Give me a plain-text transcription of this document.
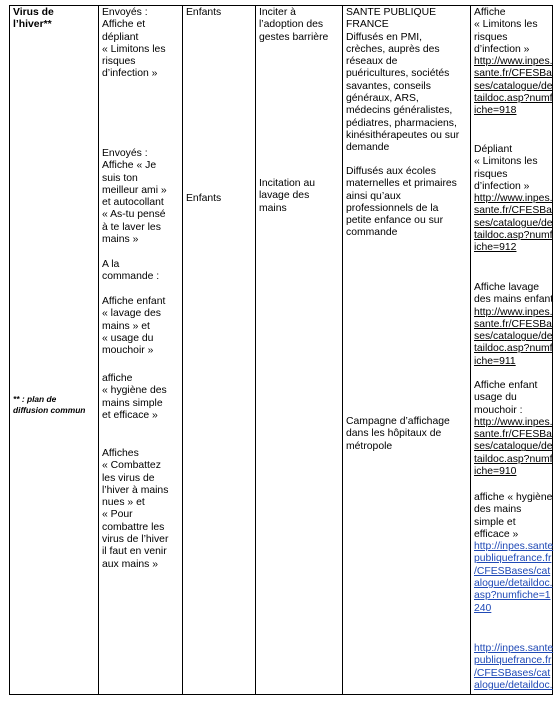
Virus de
l’hiver**

** : plan de
diffusion commun

Envoyés :
Affiche et
dépliant
« Limitons les
risques
d’infection »

Envoyés :
Affiche « Je
suis ton
meilleur ami »
et autocollant
« As-tu pensé
à te laver les
mains »

A la
commande :

Affiche enfant
« lavage des
mains » et
« usage du
mouchoir »

affiche
« hygiène des
mains simple
et efficace »

Affiches
« Combattez
les virus de
l’hiver à mains
nues » et
« Pour
combattre les
virus de l’hiver
il faut en venir
aux mains »

Enfants

Enfants

Inciter à
l’adoption des
gestes barrière

Incitation au
lavage des
mains

SANTE PUBLIQUE
FRANCE
Diffusés en PMI,
crèches, auprès des
réseaux de
puéricultures, sociétés
savantes, conseils
généraux, ARS,
médecins généralistes,
pédiatres, pharmaciens,
kinésithérapeutes ou sur
demande

Diffusés aux écoles
maternelles et primaires
ainsi qu’aux
professionnels de la
petite enfance ou sur
commande

Campagne d’affichage
dans les hôpitaux de
métropole

Affiche
« Limitons les
risques
d’infection »

http://www.inpes.
sante.fr/CFESBa
ses/catalogue/de
taildoc.asp?numf
iche=918

Dépliant
« Limitons les
risques
d’infection »

http://www.inpes.
sante.fr/CFESBa
ses/catalogue/de
taildoc.asp?numf
iche=912

Affiche lavage
des mains enfant

http://www.inpes.
sante.fr/CFESBa
ses/catalogue/de
taildoc.asp?numf
iche=911

Affiche enfant
usage du
mouchoir :

http://www.inpes.
sante.fr/CFESBa
ses/catalogue/de
taildoc.asp?numf
iche=910

affiche « hygiène
des mains
simple et
efficace »

http://inpes.sante
publiquefrance.fr
/CFESBases/cat
alogue/detaildoc.
asp?numfiche=1
240
http://inpes.sante
publiquefrance.fr
/CFESBases/cat
alogue/detaildoc.
